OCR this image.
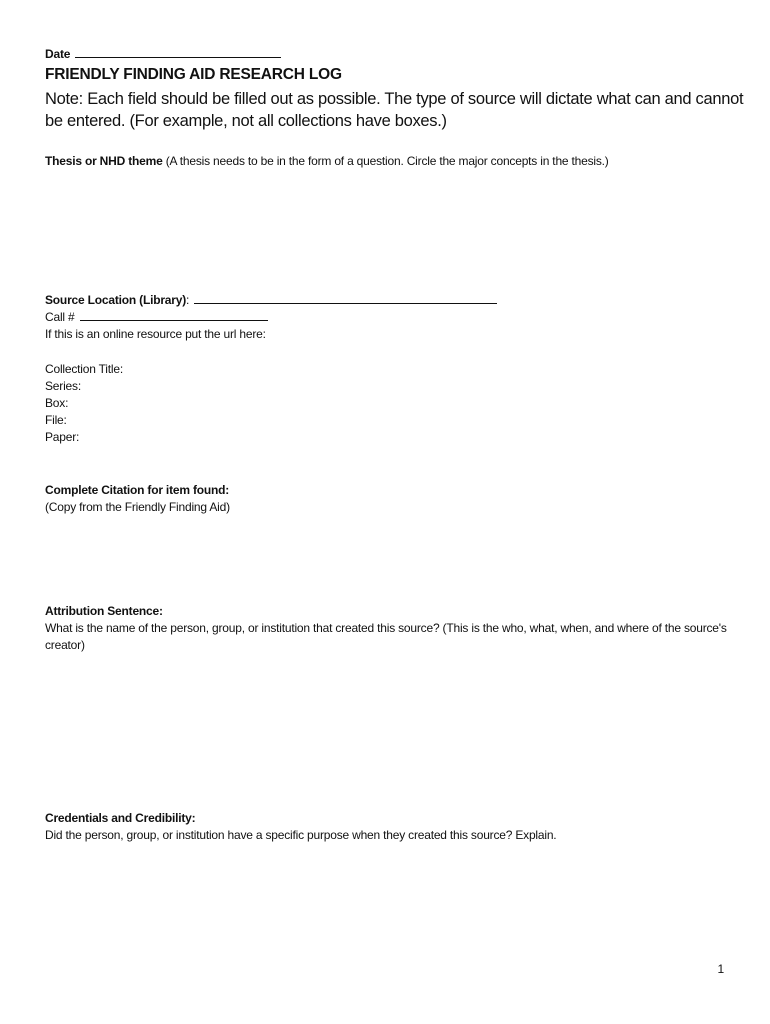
Date
FRIENDLY FINDING AID RESEARCH LOG
Note: Each field should be filled out as possible. The type of source will dictate what can and cannot be entered. (For example, not all collections have boxes.)
Thesis or NHD theme (A thesis needs to be in the form of a question. Circle the major concepts in the thesis.)
Source Location (Library):
Call #
If this is an online resource put the url here:
Collection Title:
Series:
Box:
File:
Paper:
Complete Citation for item found:
(Copy from the Friendly Finding Aid)
Attribution Sentence:
What is the name of the person, group, or institution that created this source? (This is the who, what, when, and where of the source's creator)
Credentials and Credibility:
Did the person, group, or institution have a specific purpose when they created this source? Explain.
1
